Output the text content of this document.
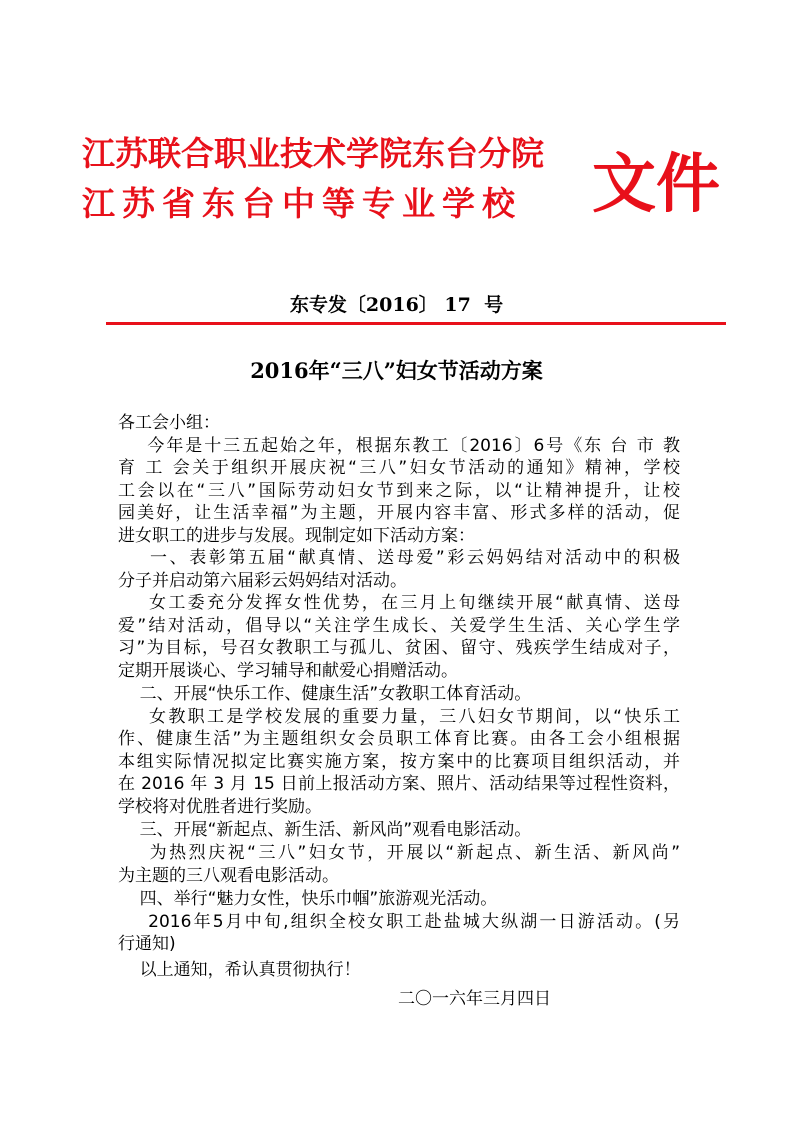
江苏联合职业技术学院东台分院
江苏省东台中等专业学校 文件
东专发〔2016〕 17  号
2016年“三八”妇女节活动方案
各工会小组：
今年是十三五起始之年，根据东教工〔2016〕6号《东 台 市 教
育 工 会关于组织开展庆祝“三八”妇女节活动的通知》精神，学校
工会以在“三八”国际劳动妇女节到来之际，以“让精神提升，让校
园美好，让生活幸福”为主题，开展内容丰富、形式多样的活动，促
进女职工的进步与发展。现制定如下活动方案：
一、表彰第五届“献真情、送母爱”彩云妈妈结对活动中的积极
分子并启动第六届彩云妈妈结对活动。
女工委充分发挥女性优势，在三月上旬继续开展“献真情、送母
爱”结对活动，倡导以“关注学生成长、关爱学生生活、关心学生学
习”为目标，号召女教职工与孤儿、贫困、留守、残疾学生结成对子，
定期开展谈心、学习辅导和献爱心捐赠活动。
二、开展“快乐工作、健康生活”女教职工体育活动。
女教职工是学校发展的重要力量，三八妇女节期间，以“快乐工
作、健康生活”为主题组织女会员职工体育比赛。由各工会小组根据
本组实际情况拟定比赛实施方案，按方案中的比赛项目组织活动，并
在 2016 年 3 月 15 日前上报活动方案、照片、活动结果等过程性资料，
学校将对优胜者进行奖励。
三、开展“新起点、新生活、新风尚”观看电影活动。
为热烈庆祝“三八”妇女节，开展以“新起点、新生活、新风尚”
为主题的三八观看电影活动。
四、举行“魅力女性，快乐巾帼”旅游观光活动。
2016年5月中旬,组织全校女职工赴盐城大纵湖一日游活动。(另
行通知)
以上通知，希认真贯彻执行！
二〇一六年三月四日
